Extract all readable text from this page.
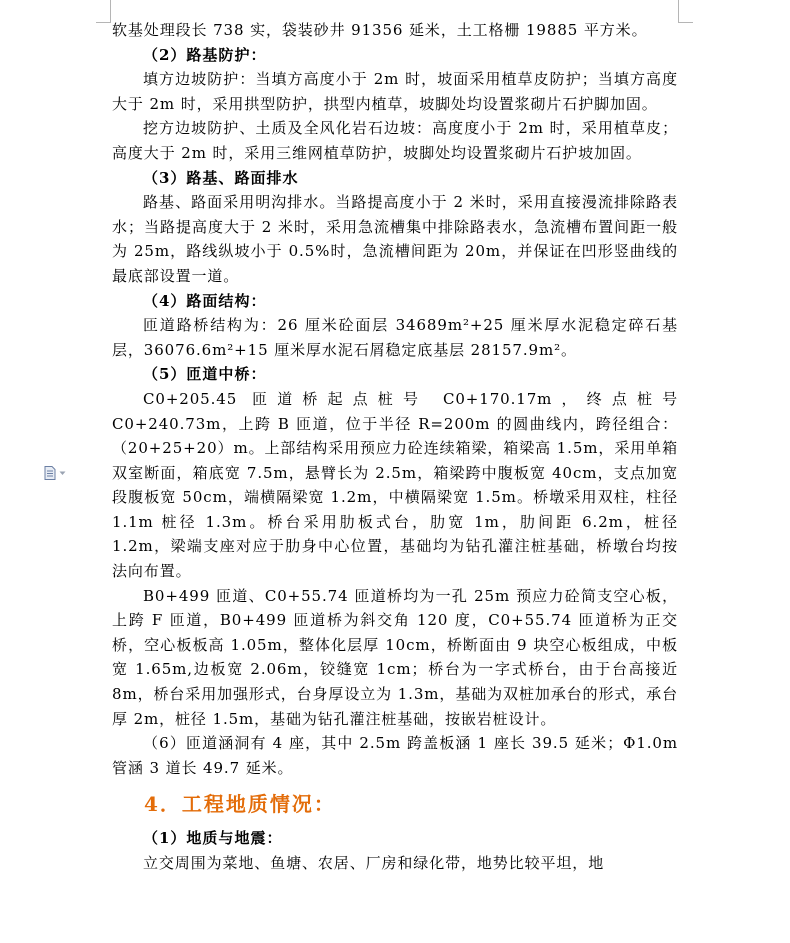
软基处理段长 738 实，袋装砂井 91356 延米，土工格栅 19885 平方米。

（2）路基防护：

填方边坡防护：当填方高度小于 2m 时，坡面采用植草皮防护；当填方高度大于 2m 时，采用拱型防护，拱型内植草，坡脚处均设置浆砌片石护脚加固。

挖方边坡防护、土质及全风化岩石边坡：高度度小于 2m 时，采用植草皮；高度大于 2m 时，采用三维网植草防护，坡脚处均设置浆砌片石护坡加固。

（3）路基、路面排水

路基、路面采用明沟排水。当路提高度小于 2 米时，采用直接漫流排除路表水；当路提高度大于 2 米时，采用急流槽集中排除路表水，急流槽布置间距一般为 25m，路线纵坡小于 0.5%时，急流槽间距为 20m，并保证在凹形竖曲线的最底部设置一道。

（4）路面结构：

匝道路桥结构为：26 厘米砼面层 34689m²+25 厘米厚水泥稳定碎石基层，36076.6m²+15 厘米厚水泥石屑稳定底基层 28157.9m²。

（5）匝道中桥：

C0+205.45 匝道桥起点桩号 C0+170.17m，终点桩号 C0+240.73m，上跨 B 匝道，位于半径 R=200m 的圆曲线内，跨径组合：（20+25+20）m。上部结构采用预应力砼连续箱梁，箱梁高 1.5m，采用单箱双室断面，箱底宽 7.5m，悬臂长为 2.5m，箱梁跨中腹板宽 40cm，支点加宽段腹板宽 50cm，端横隔梁宽 1.2m，中横隔梁宽 1.5m。桥墩采用双柱，柱径 1.1m 桩径 1.3m。桥台采用肋板式台，肋宽 1m，肋间距 6.2m，桩径 1.2m，梁端支座对应于肋身中心位置，基础均为钻孔灌注桩基础，桥墩台均按法向布置。

B0+499 匝道、C0+55.74 匝道桥均为一孔 25m 预应力砼简支空心板，上跨 F 匝道，B0+499 匝道桥为斜交角 120 度，C0+55.74 匝道桥为正交桥，空心板板高 1.05m，整体化层厚 10cm，桥断面由 9 块空心板组成，中板宽 1.65m,边板宽 2.06m，铰缝宽 1cm；桥台为一字式桥台，由于台高接近 8m，桥台采用加强形式，台身厚设立为 1.3m，基础为双桩加承台的形式，承台厚 2m，桩径 1.5m，基础为钻孔灌注桩基础，按嵌岩桩设计。

（6）匝道涵洞有 4 座，其中 2.5m 跨盖板涵 1 座长 39.5 延米；Φ1.0m 管涵 3 道长 49.7 延米。

4．工程地质情况：
（1）地质与地震：

立交周围为菜地、鱼塘、农居、厂房和绿化带，地势比较平坦，地
